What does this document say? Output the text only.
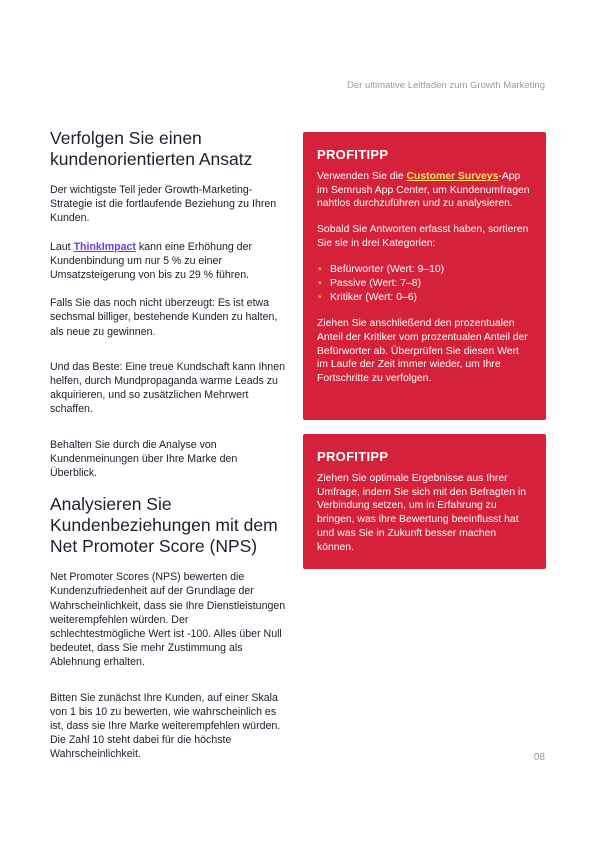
Der ultimative Leitfaden zum Growth Marketing
Verfolgen Sie einen kundenorientierten Ansatz

Der wichtigste Teil jeder Growth-Marketing-Strategie ist die fortlaufende Beziehung zu Ihren Kunden.

Laut ThinkImpact kann eine Erhöhung der Kundenbindung um nur 5 % zu einer Umsatzsteigerung von bis zu 29 % führen.

Falls Sie das noch nicht überzeugt: Es ist etwa sechsmal billiger, bestehende Kunden zu halten, als neue zu gewinnen.

Und das Beste: Eine treue Kundschaft kann Ihnen helfen, durch Mundpropaganda warme Leads zu akquirieren, und so zusätzlichen Mehrwert schaffen.

Behalten Sie durch die Analyse von Kundenmeinungen über Ihre Marke den Überblick.

Analysieren Sie Kundenbeziehungen mit dem Net Promoter Score (NPS)

Net Promoter Scores (NPS) bewerten die Kundenzufriedenheit auf der Grundlage der Wahrscheinlichkeit, dass sie Ihre Dienstleistungen weiterempfehlen würden. Der schlechtestmögliche Wert ist -100. Alles über Null bedeutet, dass Sie mehr Zustimmung als Ablehnung erhalten.

Bitten Sie zunächst Ihre Kunden, auf einer Skala von 1 bis 10 zu bewerten, wie wahrscheinlich es ist, dass sie Ihre Marke weiterempfehlen würden. Die Zahl 10 steht dabei für die höchste Wahrscheinlichkeit.

PROFITIPP

Verwenden Sie die Customer Surveys-App im Semrush App Center, um Kundenumfragen nahtlos durchzuführen und zu analysieren.

Sobald Sie Antworten erfasst haben, sortieren Sie sie in drei Kategorien:

• Befürworter (Wert: 9–10)
• Passive (Wert: 7–8)
• Kritiker (Wert: 0–6)

Ziehen Sie anschließend den prozentualen Anteil der Kritiker vom prozentualen Anteil der Befürworter ab. Überprüfen Sie diesen Wert im Laufe der Zeit immer wieder, um Ihre Fortschritte zu verfolgen.

PROFITIPP

Ziehen Sie optimale Ergebnisse aus Ihrer Umfrage, indem Sie sich mit den Befragten in Verbindung setzen, um in Erfahrung zu bringen, was ihre Bewertung beeinflusst hat und was Sie in Zukunft besser machen können.

08
